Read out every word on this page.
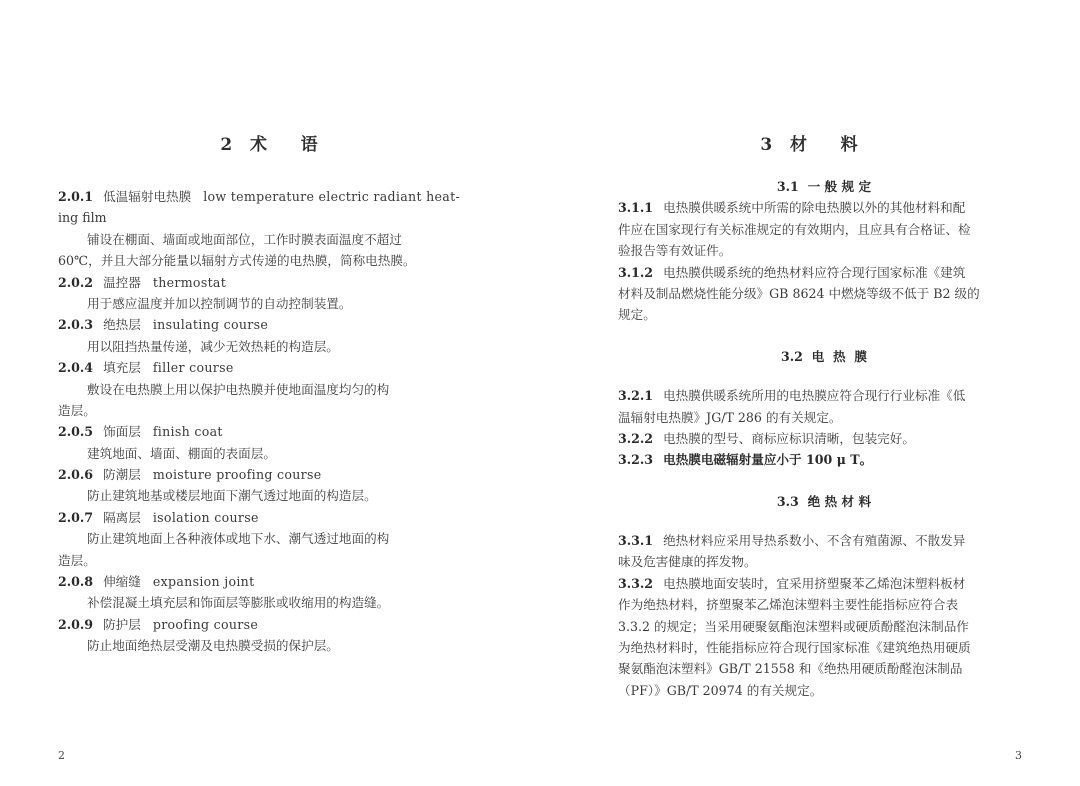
2  术    语
2.0.1 低温辐射电热膜 low temperature electric radiant heat-
ing film
铺设在棚面、墙面或地面部位，工作时膜表面温度不超过
60℃，并且大部分能量以辐射方式传递的电热膜，简称电热膜。
2.0.2 温控器 thermostat
用于感应温度并加以控制调节的自动控制装置。
2.0.3 绝热层 insulating course
用以阻挡热量传递，减少无效热耗的构造层。
2.0.4 填充层 filler course
敷设在电热膜上用以保护电热膜并使地面温度均匀的构
造层。
2.0.5 饰面层 finish coat
建筑地面、墙面、棚面的表面层。
2.0.6 防潮层 moisture proofing course
防止建筑地基或楼层地面下潮气透过地面的构造层。
2.0.7 隔离层 isolation course
防止建筑地面上各种液体或地下水、潮气透过地面的构
造层。
2.0.8 伸缩缝 expansion joint
补偿混凝土填充层和饰面层等膨胀或收缩用的构造缝。
2.0.9 防护层 proofing course
防止地面绝热层受潮及电热膜受损的保护层。
2
3  材    料
3.1  一 般 规 定
3.1.1 电热膜供暖系统中所需的除电热膜以外的其他材料和配
件应在国家现行有关标准规定的有效期内，且应具有合格证、检
验报告等有效证件。
3.1.2 电热膜供暖系统的绝热材料应符合现行国家标准《建筑
材料及制品燃烧性能分级》GB 8624 中燃烧等级不低于 B2 级的
规定。
3.2  电  热  膜
3.2.1 电热膜供暖系统所用的电热膜应符合现行行业标准《低
温辐射电热膜》JG/T 286 的有关规定。
3.2.2 电热膜的型号、商标应标识清晰，包装完好。
3.2.3 电热膜电磁辐射量应小于 100 μ T。
3.3  绝 热 材 料
3.3.1 绝热材料应采用导热系数小、不含有殖菌源、不散发异
味及危害健康的挥发物。
3.3.2 电热膜地面安装时，宜采用挤塑聚苯乙烯泡沫塑料板材
作为绝热材料，挤塑聚苯乙烯泡沫塑料主要性能指标应符合表
3.3.2 的规定；当采用硬聚氨酯泡沫塑料或硬质酚醛泡沫制品作
为绝热材料时，性能指标应符合现行国家标准《建筑绝热用硬质
聚氨酯泡沫塑料》GB/T 21558 和《绝热用硬质酚醛泡沫制品
（PF）》GB/T 20974 的有关规定。
3
